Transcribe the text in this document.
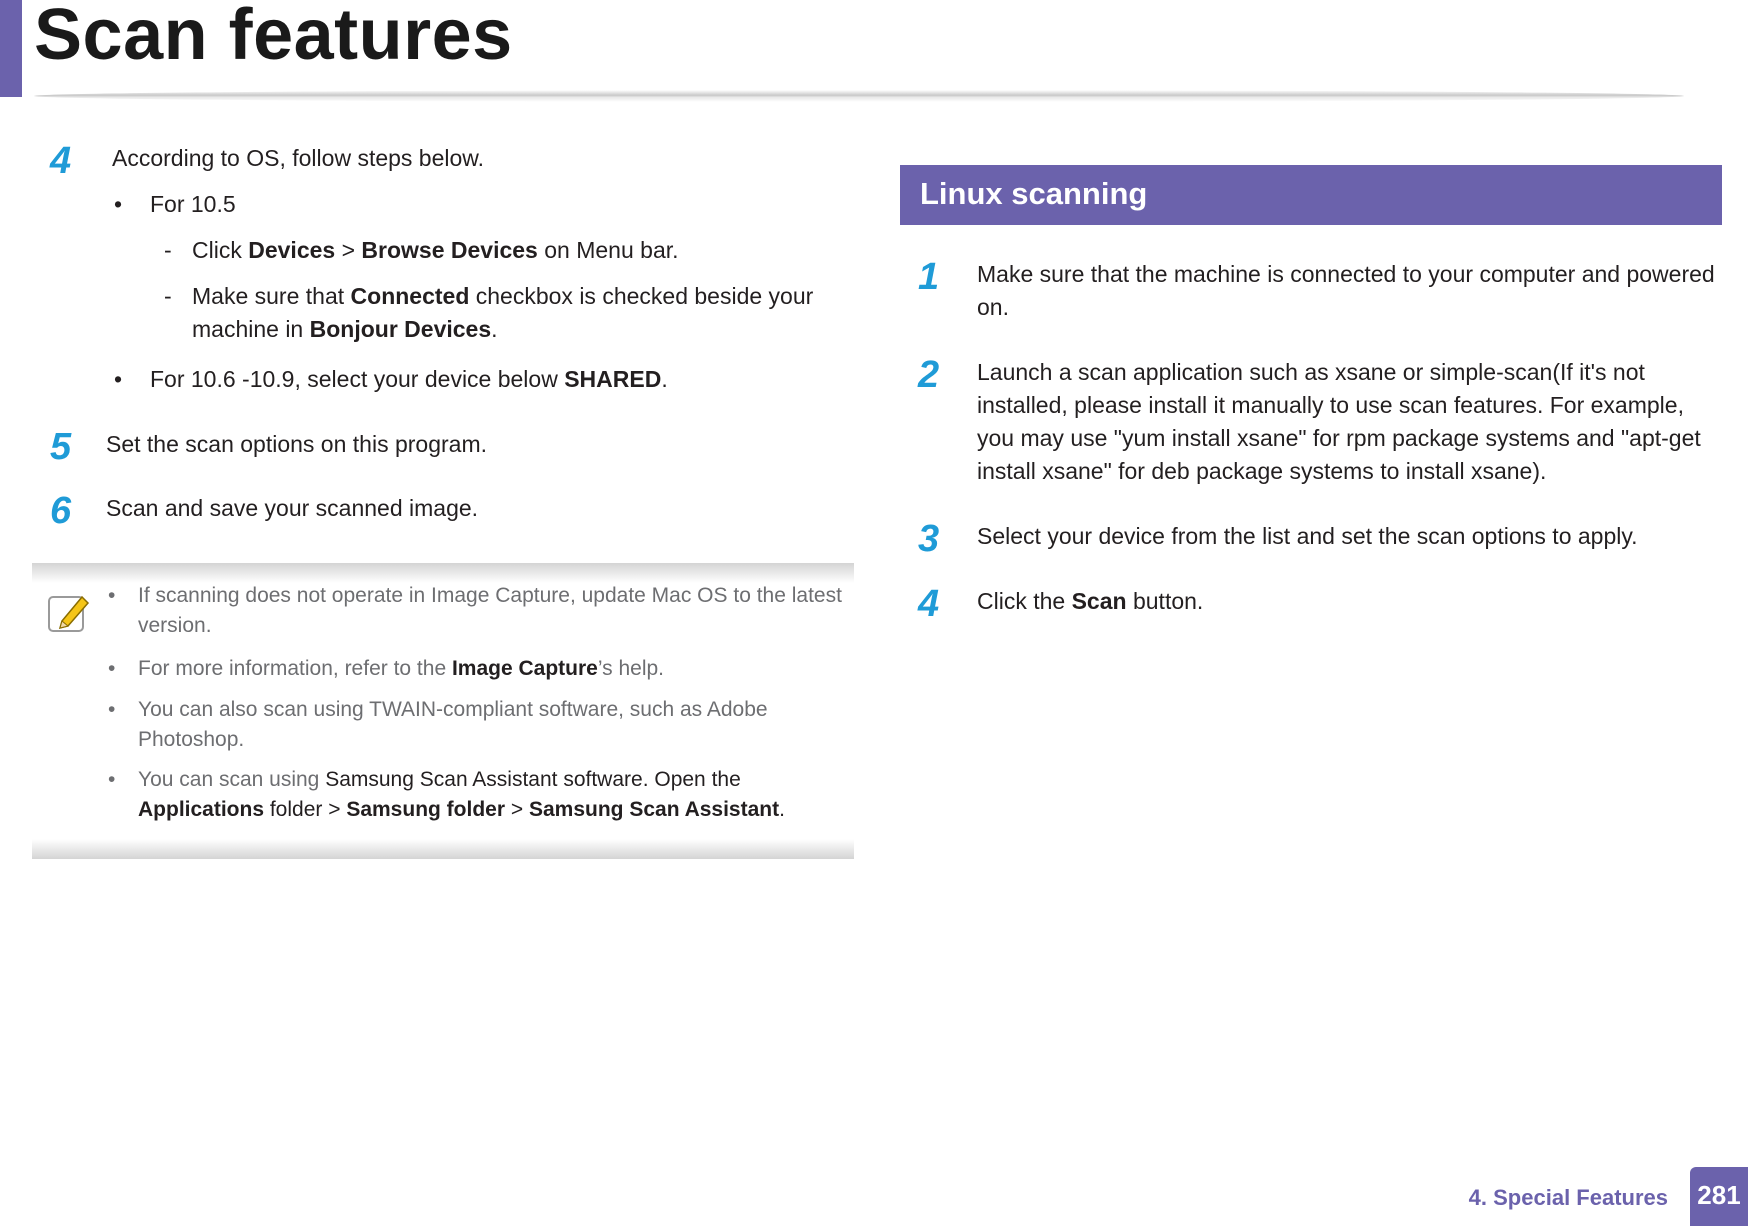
Scan features
4	According to OS, follow steps below.
• For 10.5
- Click Devices > Browse Devices on Menu bar.
- Make sure that Connected checkbox is checked beside your machine in Bonjour Devices.
• For 10.6 -10.9, select your device below SHARED.
5	Set the scan options on this program.
6	Scan and save your scanned image.
•	If scanning does not operate in Image Capture, update Mac OS to the latest version.
•	For more information, refer to the Image Capture’s help.
•	You can also scan using TWAIN-compliant software, such as Adobe Photoshop.
•	You can scan using Samsung Scan Assistant software. Open the Applications folder > Samsung folder > Samsung Scan Assistant.
Linux scanning
1	Make sure that the machine is connected to your computer and powered on.
2	Launch a scan application such as xsane or simple-scan(If it's not installed, please install it manually to use scan features. For example, you may use "yum install xsane" for rpm package systems and "apt-get install xsane" for deb package systems to install xsane).
3	Select your device from the list and set the scan options to apply.
4	Click the Scan button.
4. Special Features 281
